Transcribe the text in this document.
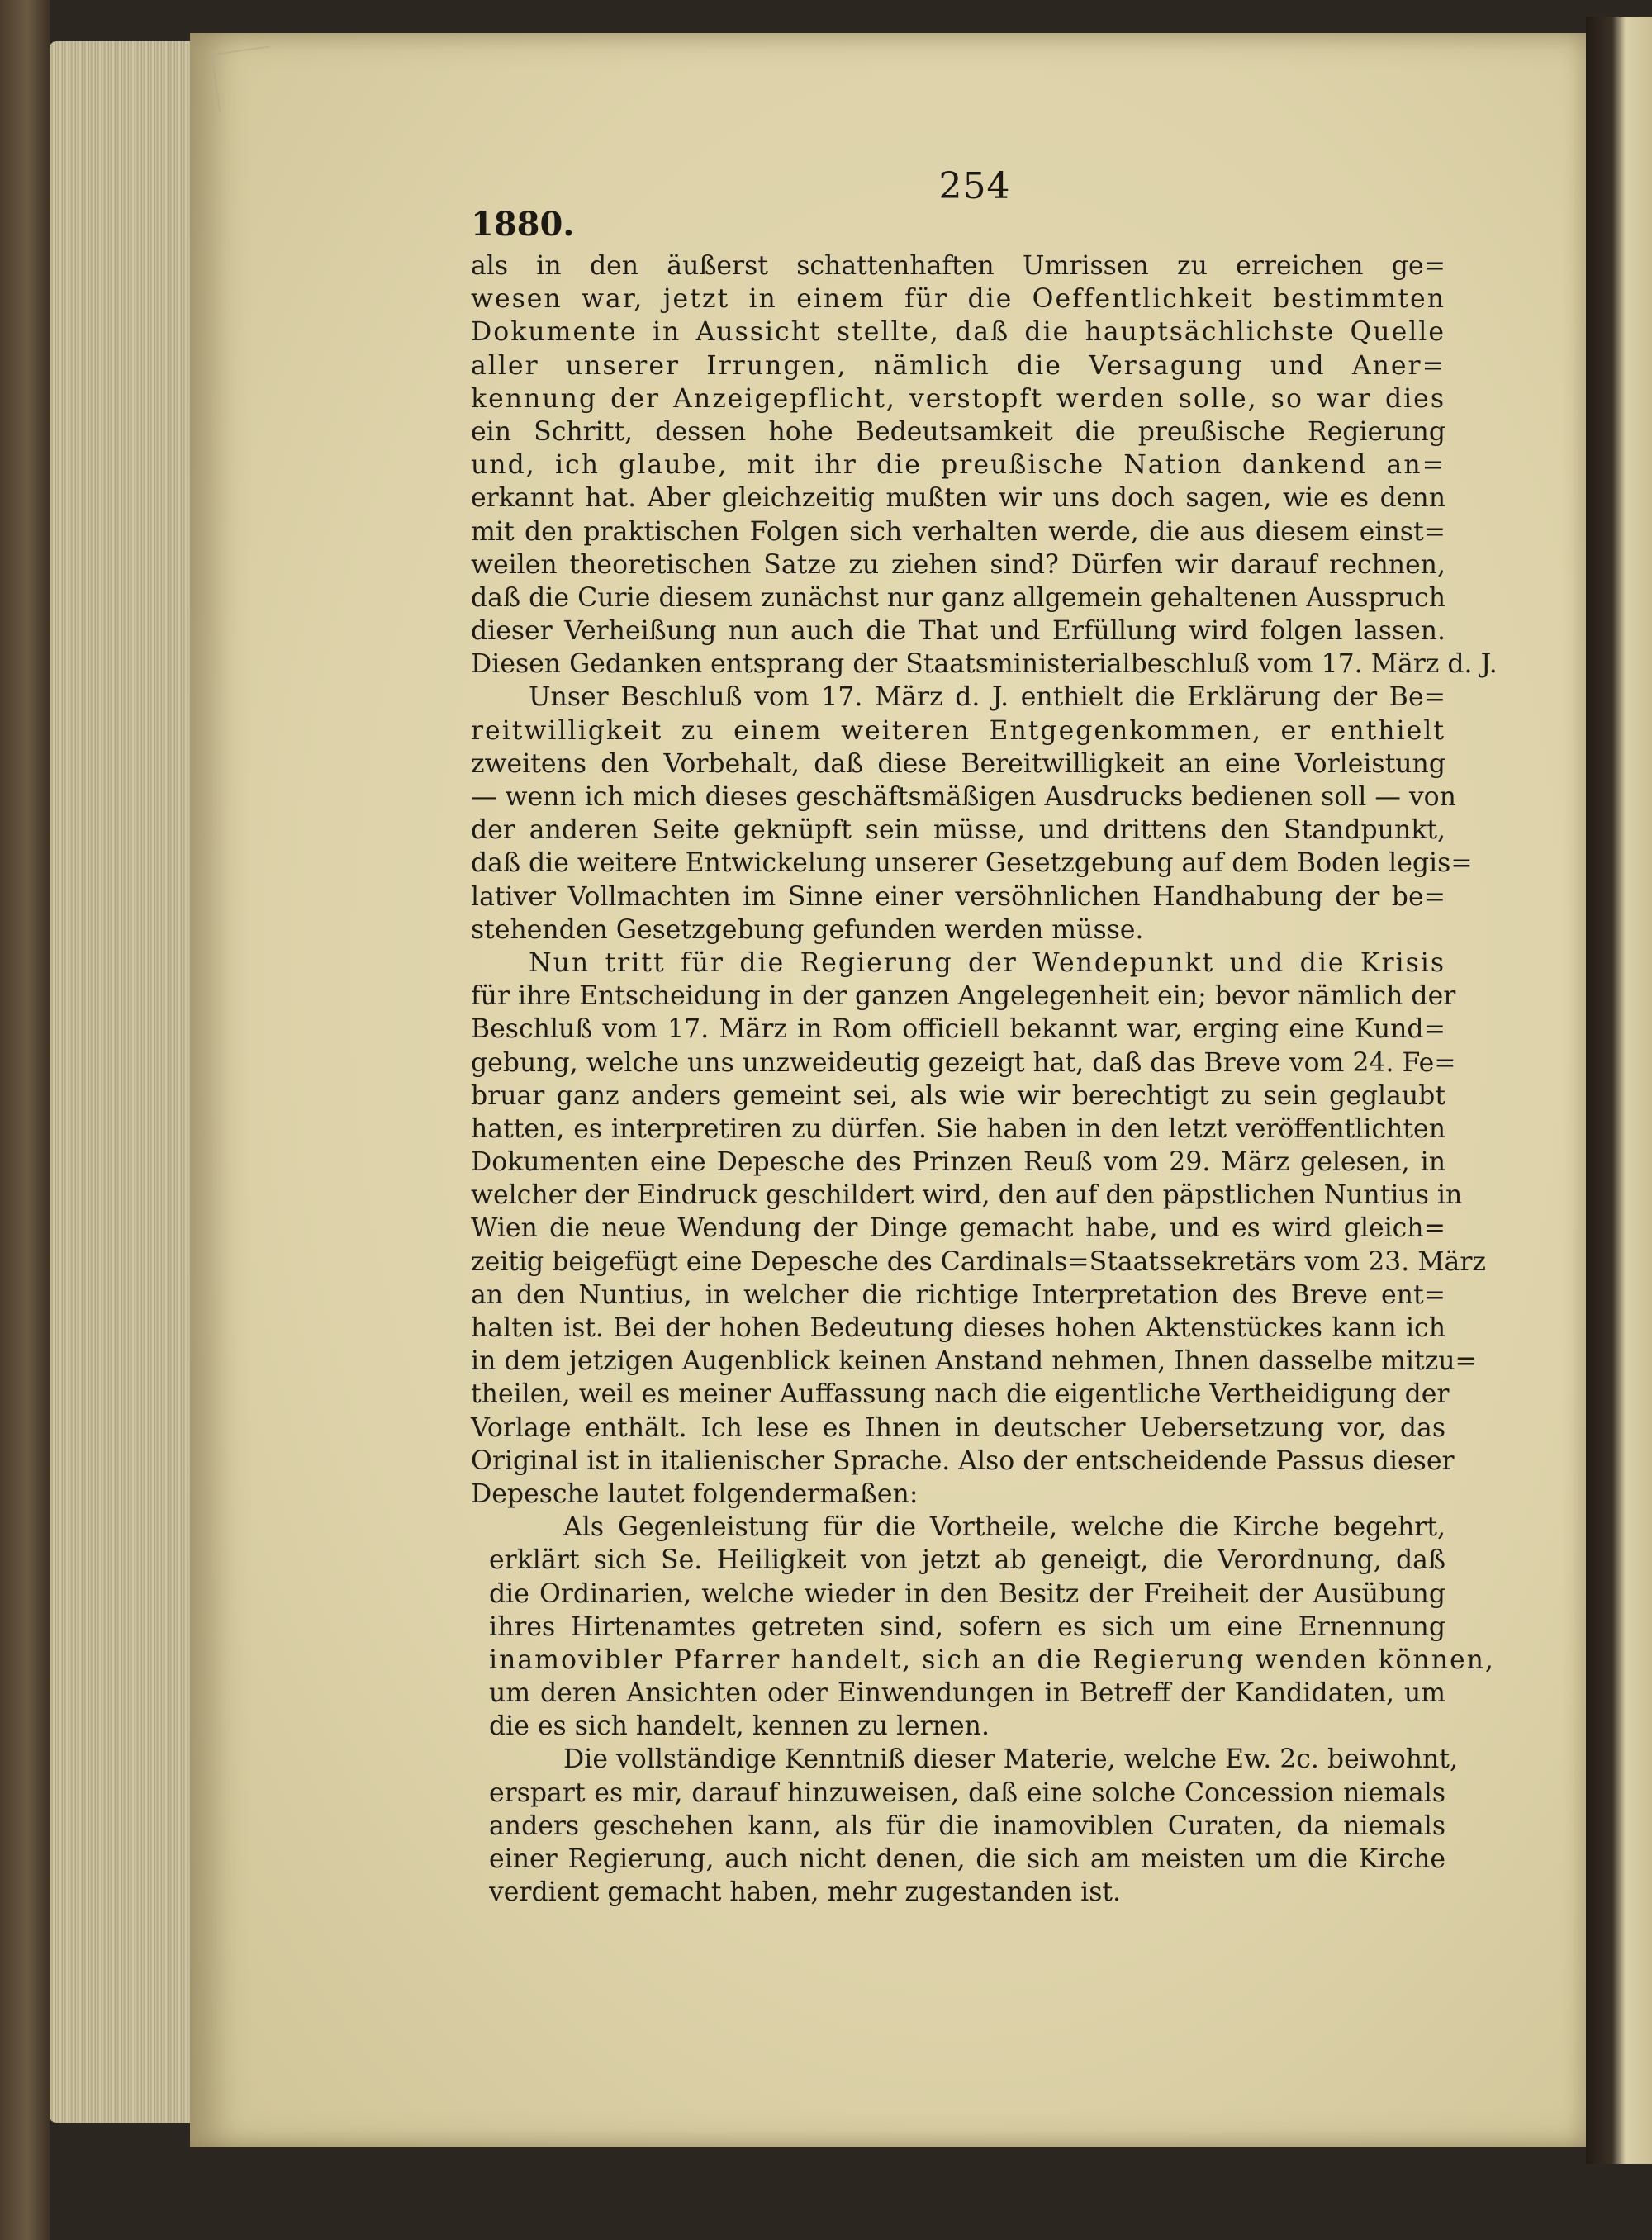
254
1880.
als in den äußerst schattenhaften Umrissen zu erreichen ge=
wesen war, jetzt in einem für die Oeffentlichkeit bestimmten
Dokumente in Aussicht stellte, daß die hauptsächlichste Quelle
aller unserer Irrungen, nämlich die Versagung und Aner=
kennung der Anzeigepflicht, verstopft werden solle, so war dies
ein Schritt, dessen hohe Bedeutsamkeit die preußische Regierung
und, ich glaube, mit ihr die preußische Nation dankend an=
erkannt hat. Aber gleichzeitig mußten wir uns doch sagen, wie es denn
mit den praktischen Folgen sich verhalten werde, die aus diesem einst=
weilen theoretischen Satze zu ziehen sind? Dürfen wir darauf rechnen,
daß die Curie diesem zunächst nur ganz allgemein gehaltenen Ausspruch
dieser Verheißung nun auch die That und Erfüllung wird folgen lassen.
Diesen Gedanken entsprang der Staatsministerialbeschluß vom 17. März d. J.
Unser Beschluß vom 17. März d. J. enthielt die Erklärung der Be=
reitwilligkeit zu einem weiteren Entgegenkommen, er enthielt
zweitens den Vorbehalt, daß diese Bereitwilligkeit an eine Vorleistung
— wenn ich mich dieses geschäftsmäßigen Ausdrucks bedienen soll — von
der anderen Seite geknüpft sein müsse, und drittens den Standpunkt,
daß die weitere Entwickelung unserer Gesetzgebung auf dem Boden legis=
lativer Vollmachten im Sinne einer versöhnlichen Handhabung der be=
stehenden Gesetzgebung gefunden werden müsse.
Nun tritt für die Regierung der Wendepunkt und die Krisis
für ihre Entscheidung in der ganzen Angelegenheit ein; bevor nämlich der
Beschluß vom 17. März in Rom officiell bekannt war, erging eine Kund=
gebung, welche uns unzweideutig gezeigt hat, daß das Breve vom 24. Fe=
bruar ganz anders gemeint sei, als wie wir berechtigt zu sein geglaubt
hatten, es interpretiren zu dürfen. Sie haben in den letzt veröffentlichten
Dokumenten eine Depesche des Prinzen Reuß vom 29. März gelesen, in
welcher der Eindruck geschildert wird, den auf den päpstlichen Nuntius in
Wien die neue Wendung der Dinge gemacht habe, und es wird gleich=
zeitig beigefügt eine Depesche des Cardinals=Staatssekretärs vom 23. März
an den Nuntius, in welcher die richtige Interpretation des Breve ent=
halten ist. Bei der hohen Bedeutung dieses hohen Aktenstückes kann ich
in dem jetzigen Augenblick keinen Anstand nehmen, Ihnen dasselbe mitzu=
theilen, weil es meiner Auffassung nach die eigentliche Vertheidigung der
Vorlage enthält. Ich lese es Ihnen in deutscher Uebersetzung vor, das
Original ist in italienischer Sprache. Also der entscheidende Passus dieser
Depesche lautet folgendermaßen:
Als Gegenleistung für die Vortheile, welche die Kirche begehrt,
erklärt sich Se. Heiligkeit von jetzt ab geneigt, die Verordnung, daß
die Ordinarien, welche wieder in den Besitz der Freiheit der Ausübung
ihres Hirtenamtes getreten sind, sofern es sich um eine Ernennung
inamovibler Pfarrer handelt, sich an die Regierung wenden können,
um deren Ansichten oder Einwendungen in Betreff der Kandidaten, um
die es sich handelt, kennen zu lernen.
Die vollständige Kenntniß dieser Materie, welche Ew. 2c. beiwohnt,
erspart es mir, darauf hinzuweisen, daß eine solche Concession niemals
anders geschehen kann, als für die inamoviblen Curaten, da niemals
einer Regierung, auch nicht denen, die sich am meisten um die Kirche
verdient gemacht haben, mehr zugestanden ist.
